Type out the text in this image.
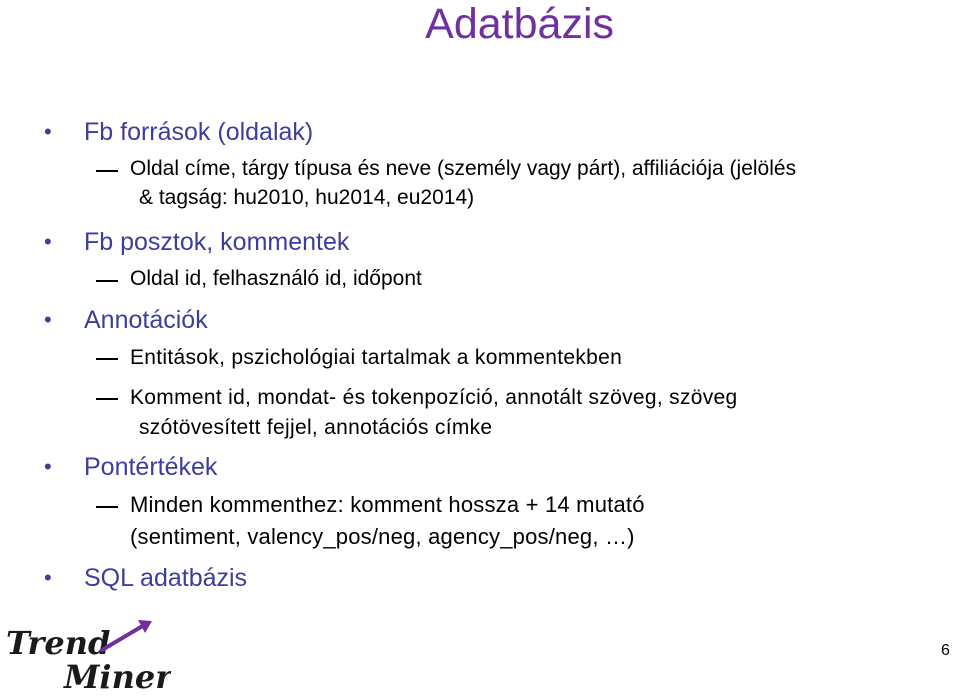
Adatbázis
• Fb források (oldalak)
Oldal címe, tárgy típusa és neve (személy vagy párt), affiliációja (jelölés
& tagság: hu2010, hu2014, eu2014)
• Fb posztok, kommentek
Oldal id, felhasználó id, időpont
• Annotációk
Entitások, pszichológiai tartalmak a kommentekben
Komment id, mondat- és tokenpozíció, annotált szöveg, szöveg
szótövesített fejjel, annotációs címke
• Pontértékek
Minden kommenthez: komment hossza + 14 mutató
(sentiment, valency_pos/neg, agency_pos/neg, …)
• SQL adatbázis
Trend
Miner
6
